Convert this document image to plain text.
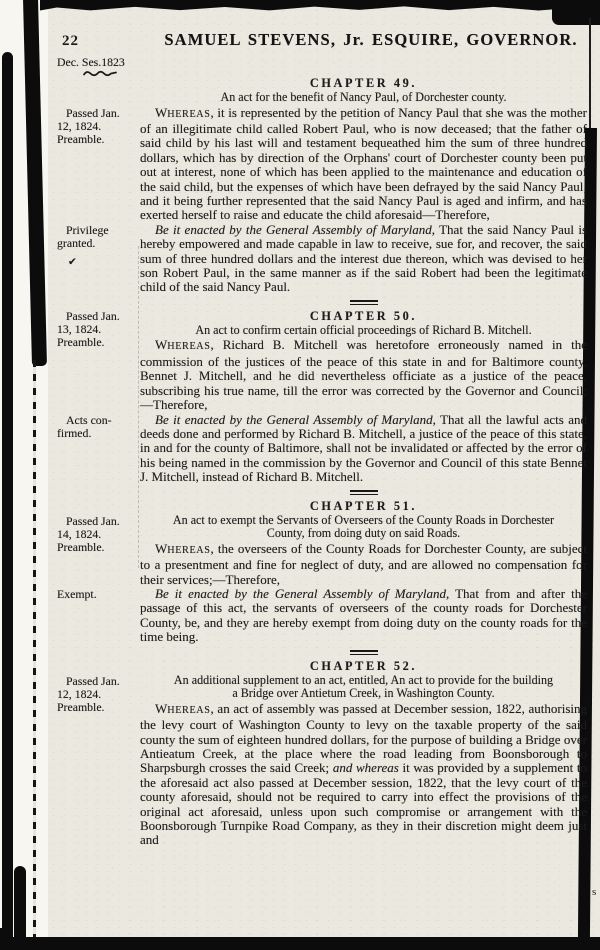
s
22	SAMUEL STEVENS, Jr. ESQUIRE, GOVERNOR.
Dec. Ses.1823
CHAPTER 49.
An act for the benefit of Nancy Paul, of Dorchester county.

Passed Jan.
12, 1824.
Preamble.
WHEREAS, it is represented by the petition of Nancy Paul that she was the mother of an illegitimate child called Robert Paul, who is now deceased; that the father of said child by his last will and testament bequeathed him the sum of three hundred dollars, which has by direction of the Orphans' court of Dorchester county been put out at interest, none of which has been applied to the maintenance and education of the said child, but the expenses of which have been defrayed by the said Nancy Paul; and it being further represented that the said Nancy Paul is aged and infirm, and has exerted herself to raise and educate the child aforesaid—Therefore,

Privilege
granted.
✔
Be it enacted by the General Assembly of Maryland, That the said Nancy Paul is hereby empowered and made capable in law to receive, sue for, and recover, the said sum of three hundred dollars and the interest due thereon, which was devised to her son Robert Paul, in the same manner as if the said Robert had been the legitimate child of the said Nancy Paul.

Passed Jan.
13, 1824.
Preamble.
CHAPTER 50.
An act to confirm certain official proceedings of Richard B. Mitchell.

WHEREAS, Richard B. Mitchell was heretofore erroneously named in the commission of the justices of the peace of this state in and for Baltimore county, Bennet J. Mitchell, and he did nevertheless officiate as a justice of the peace, subscribing his true name, till the error was corrected by the Governor and Council;—Therefore,

Acts con-
firmed.
Be it enacted by the General Assembly of Maryland, That all the lawful acts and deeds done and performed by Richard B. Mitchell, a justice of the peace of this state, in and for the county of Baltimore, shall not be invalidated or affected by the error of his being named in the commission by the Governor and Council of this state Bennet J. Mitchell, instead of Richard B. Mitchell.

CHAPTER 51.
Passed Jan.
14, 1824.
Preamble.
An act to exempt the Servants of Overseers of the County Roads in Dorchester
County, from doing duty on said Roads.

WHEREAS, the overseers of the County Roads for Dorchester County, are subject to a presentment and fine for neglect of duty, and are allowed no compensation for their services;—Therefore,

Exempt.	Be it enacted by the General Assembly of Maryland, That from and after the passage of this act, the servants of overseers of the county roads for Dorchester County, be, and they are hereby exempt from doing duty on the county roads for the time being.

CHAPTER 52.
Passed Jan.
12, 1824.
Preamble.
An additional supplement to an act, entitled, An act to provide for the building
a Bridge over Antietum Creek, in Washington County.

WHEREAS, an act of assembly was passed at December session, 1822, authorising the levy court of Washington County to levy on the taxable property of the said county the sum of eighteen hundred dollars, for the purpose of building a Bridge over Antieatum Creek, at the place where the road leading from Boonsborough to Sharpsburgh crosses the said Creek; and whereas it was provided by a supplement to the aforesaid act also passed at December session, 1822, that the levy court of the county aforesaid, should not be required to carry into effect the provisions of the original act aforesaid, unless upon such compromise or arrangement with the Boonsborough Turnpike Road Company, as they in their discretion might deem just and
